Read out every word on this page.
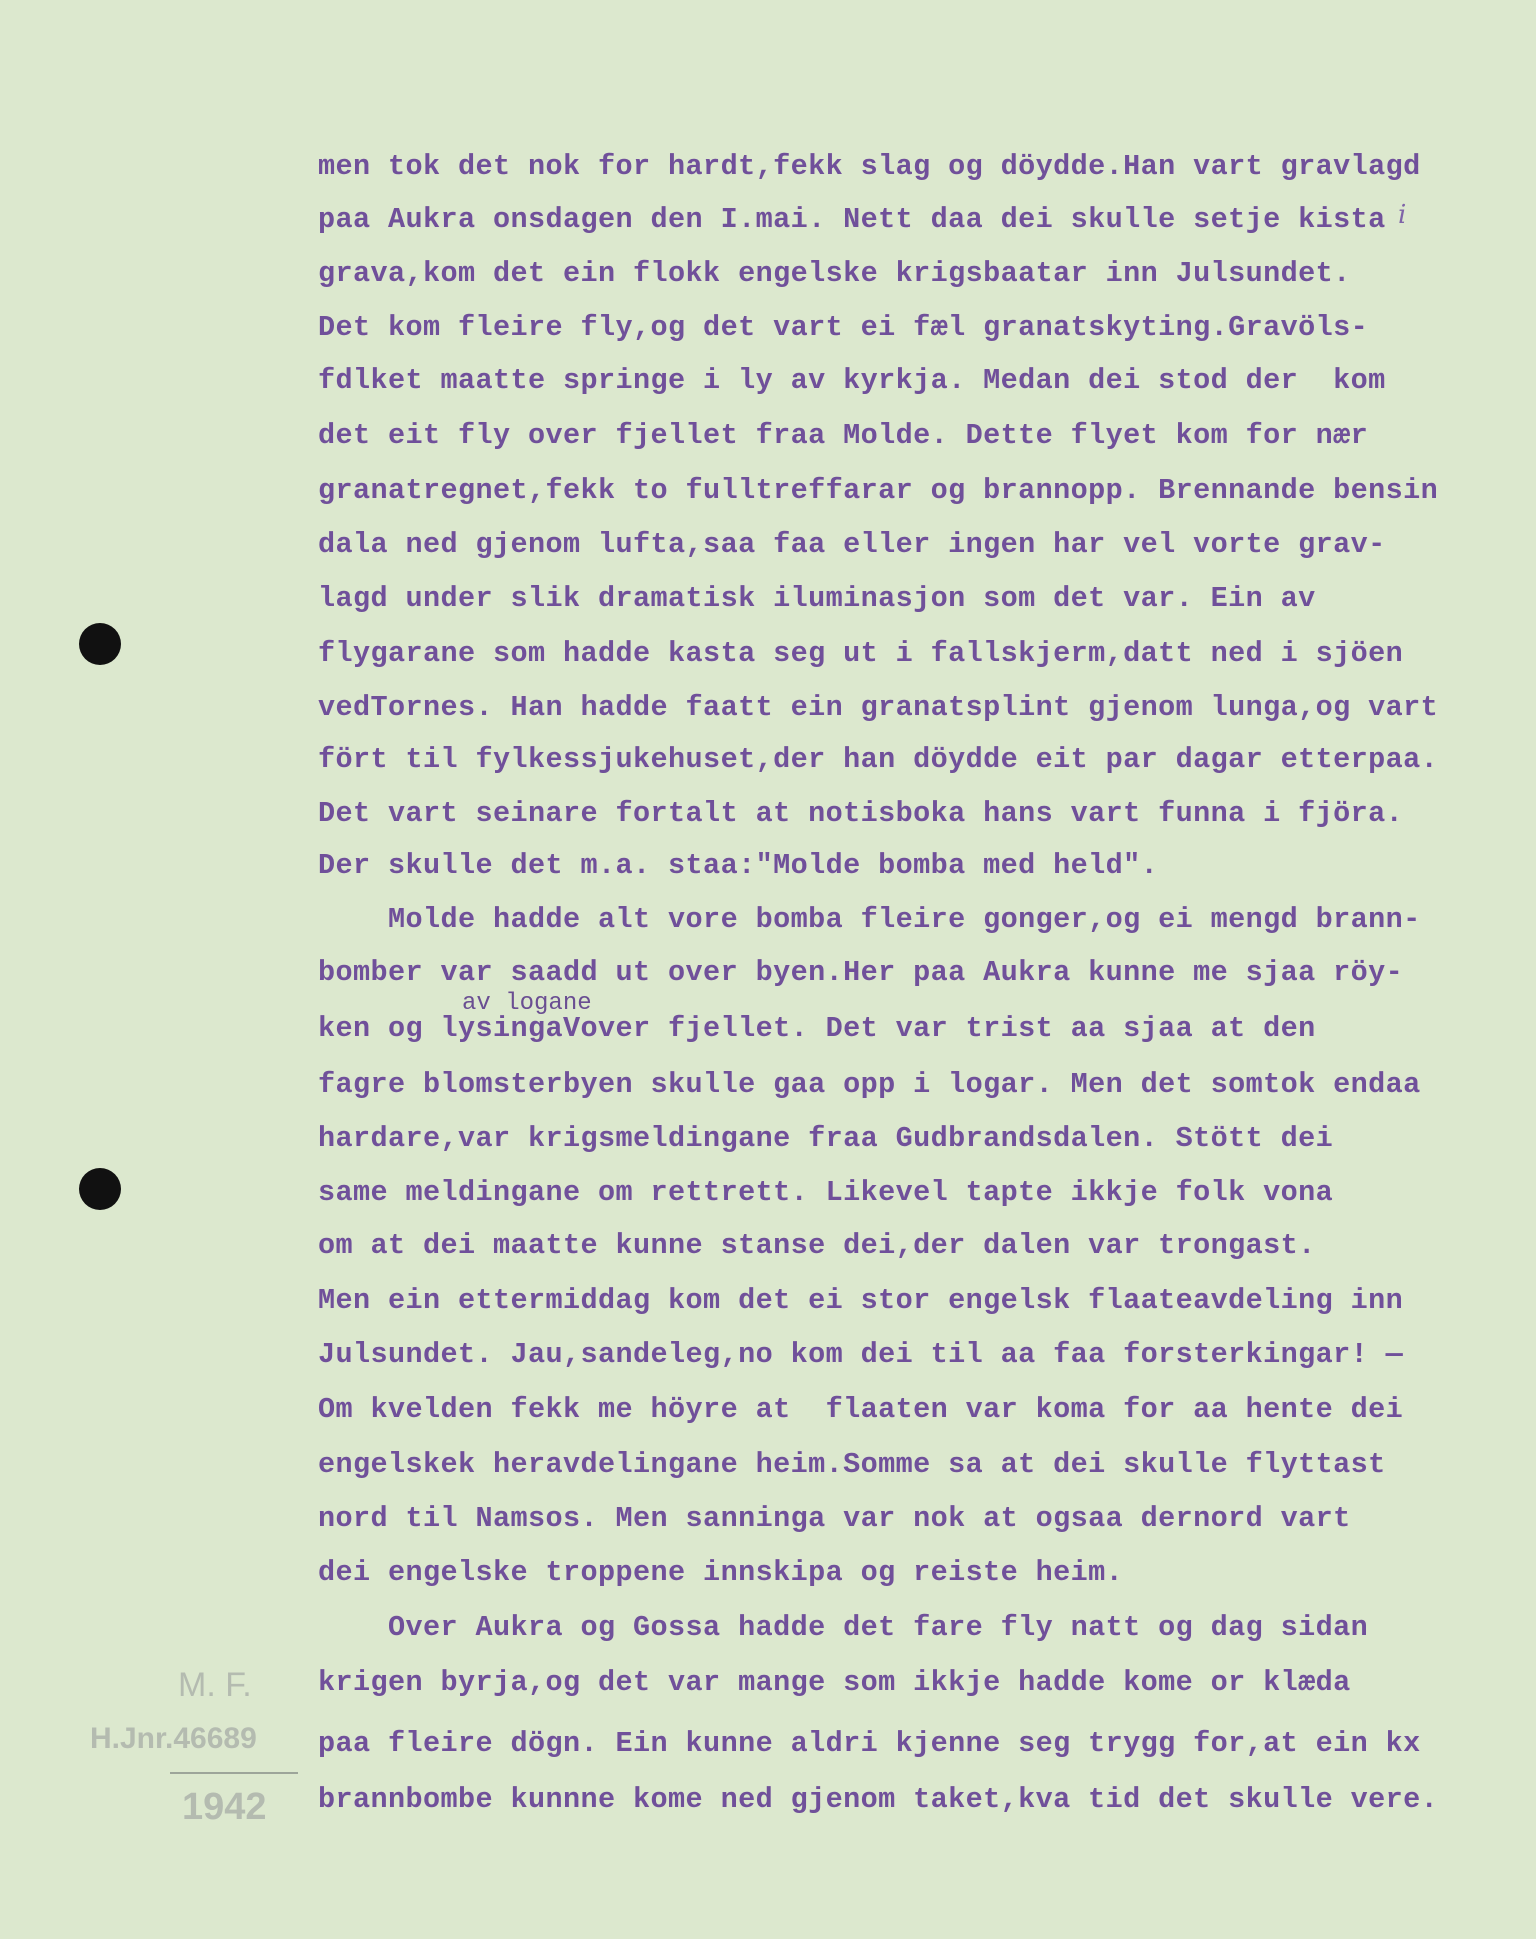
men tok det nok for hardt,fekk slag og döydde.Han vart gravlagd

paa Aukra onsdagen den I.mai. Nett daa dei skulle setje kista

grava,kom det ein flokk engelske krigsbaatar inn Julsundet.

Det kom fleire fly,og det vart ei fæl granatskyting.Gravöls-

fdlket maatte springe i ly av kyrkja. Medan dei stod der  kom

det eit fly over fjellet fraa Molde. Dette flyet kom for nær

granatregnet,fekk to fulltreffarar og brannopp. Brennande bensin

dala ned gjenom lufta,saa faa eller ingen har vel vorte grav-

lagd under slik dramatisk iluminasjon som det var. Ein av

flygarane som hadde kasta seg ut i fallskjerm,datt ned i sjöen

vedTornes. Han hadde faatt ein granatsplint gjenom lunga,og vart

fört til fylkessjukehuset,der han döydde eit par dagar etterpaa.

Det vart seinare fortalt at notisboka hans vart funna i fjöra.

Der skulle det m.a. staa:"Molde bomba med held".

Molde hadde alt vore bomba fleire gonger,og ei mengd brann-

bomber var saadd ut over byen.Her paa Aukra kunne me sjaa röy-

ken og lysingaVover fjellet. Det var trist aa sjaa at den

fagre blomsterbyen skulle gaa opp i logar. Men det somtok endaa

hardare,var krigsmeldingane fraa Gudbrandsdalen. Stött dei

same meldingane om rettrett. Likevel tapte ikkje folk vona

om at dei maatte kunne stanse dei,der dalen var trongast.

Men ein ettermiddag kom det ei stor engelsk flaateavdeling inn

Julsundet. Jau,sandeleg,no kom dei til aa faa forsterkingar! —

Om kvelden fekk me höyre at  flaaten var koma for aa hente dei

engelskek heravdelingane heim.Somme sa at dei skulle flyttast

nord til Namsos. Men sanninga var nok at ogsaa dernord vart

dei engelske troppene innskipa og reiste heim.

Over Aukra og Gossa hadde det fare fly natt og dag sidan

krigen byrja,og det var mange som ikkje hadde kome or klæda

paa fleire dögn. Ein kunne aldri kjenne seg trygg for,at ein kx

brannbombe kunnne kome ned gjenom taket,kva tid det skulle vere.

av logane
i
M. F.
H.Jnr.46689
1942
